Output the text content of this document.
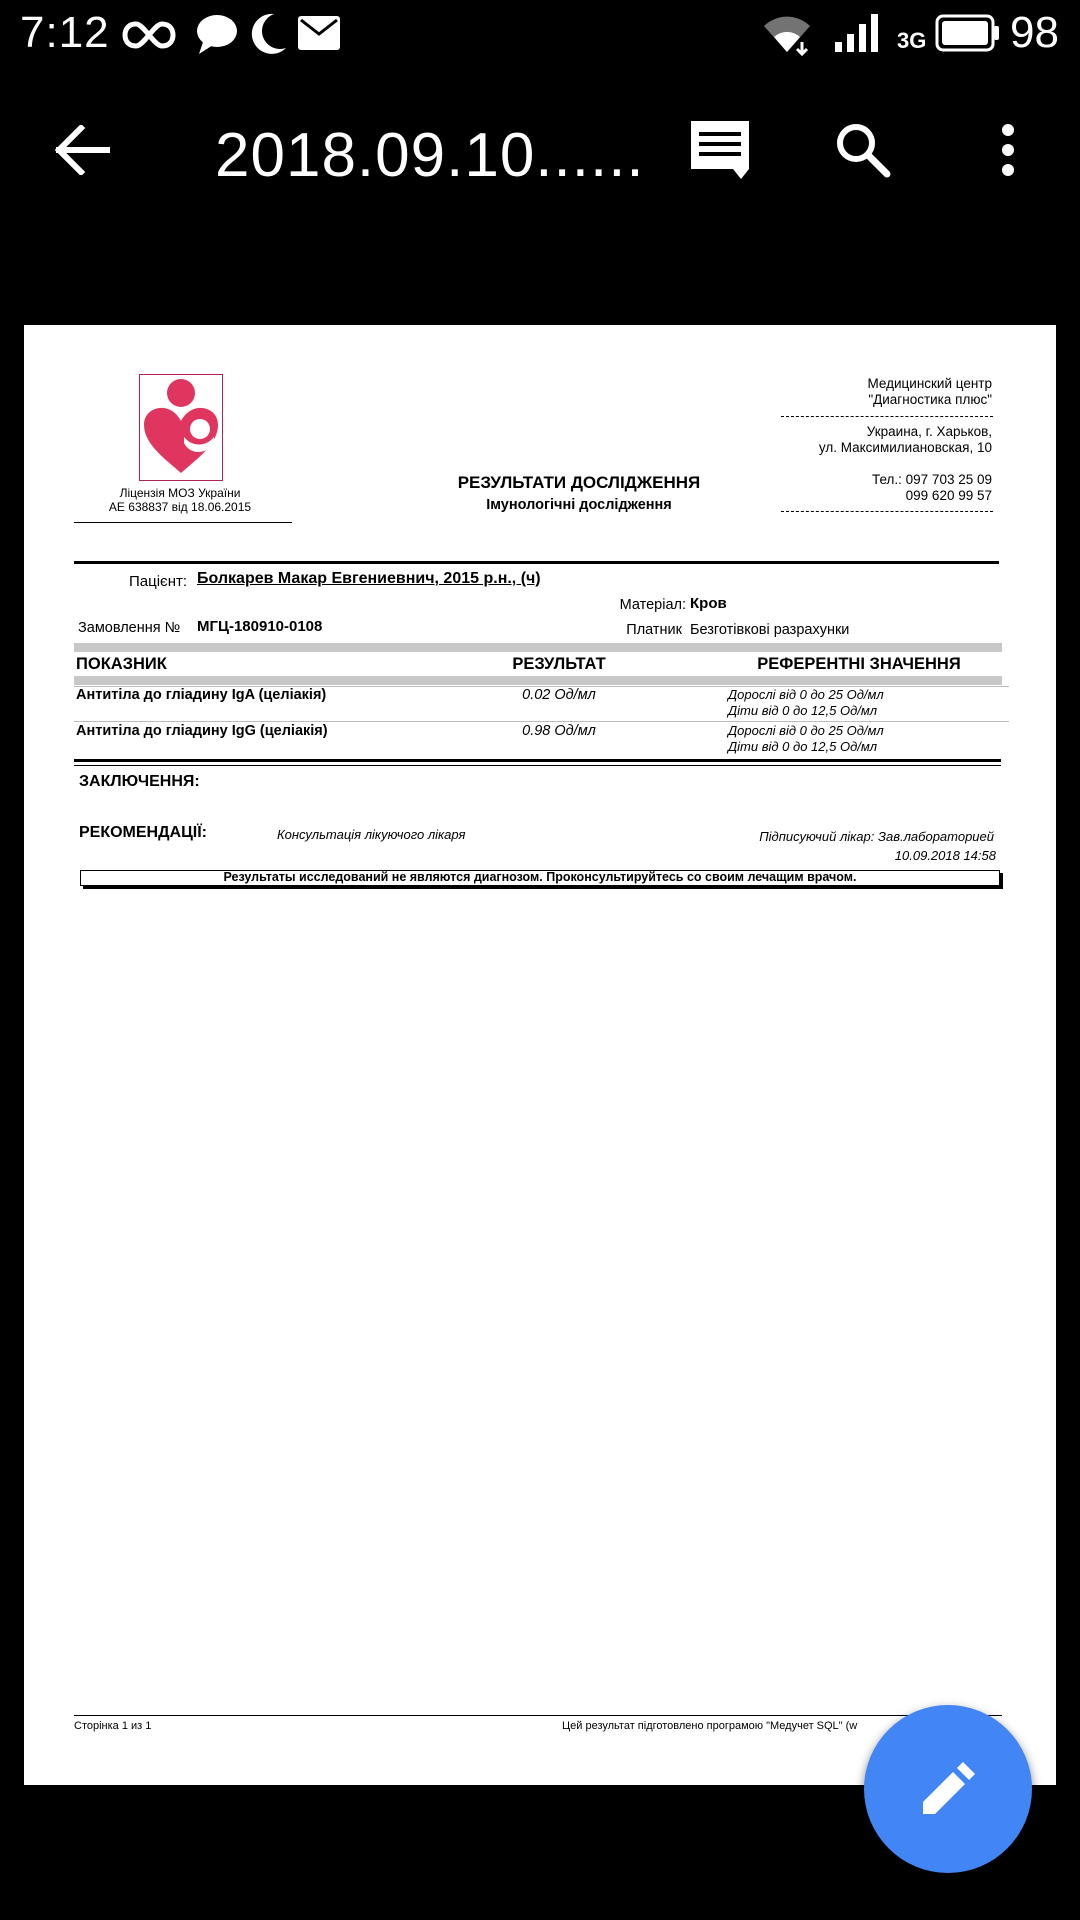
7:12	3G 98
2018.09.10......
Ліцензія МОЗ України
АЕ 638837 від 18.06.2015
РЕЗУЛЬТАТИ ДОСЛІДЖЕННЯ
Імунологічні дослідження
Медицинский центр
"Диагностика плюс"
Украина, г. Харьков,
ул. Максимилиановская, 10
Тел.: 097 703 25 09
099 620 99 57
Пацієнт: Болкарев Макар Евгениевнич, 2015 р.н., (ч)
Матеріал: Кров
Замовлення № МГЦ-180910-0108	Платник Безготівкові разрахунки
ПОКАЗНИК	РЕЗУЛЬТАТ	РЕФЕРЕНТНІ ЗНАЧЕННЯ
Антитіла до гліадину IgA (целіакія)	0.02 Од/мл	Дорослі від 0 до 25 Од/мл
Діти від 0 до 12,5 Од/мл
Антитіла до гліадину IgG (целіакія)	0.98 Од/мл	Дорослі від 0 до 25 Од/мл
Діти від 0 до 12,5 Од/мл
ЗАКЛЮЧЕННЯ:
РЕКОМЕНДАЦІЇ:	Консультація лікуючого лікаря	Підписуючий лікар: Зав.лабораторией
10.09.2018 14:58
Результаты исследований не являются диагнозом. Проконсультируйтесь со своим лечащим врачом.
Сторінка 1 из 1	Цей результат підготовлено програмою "Медучет SQL" (w
